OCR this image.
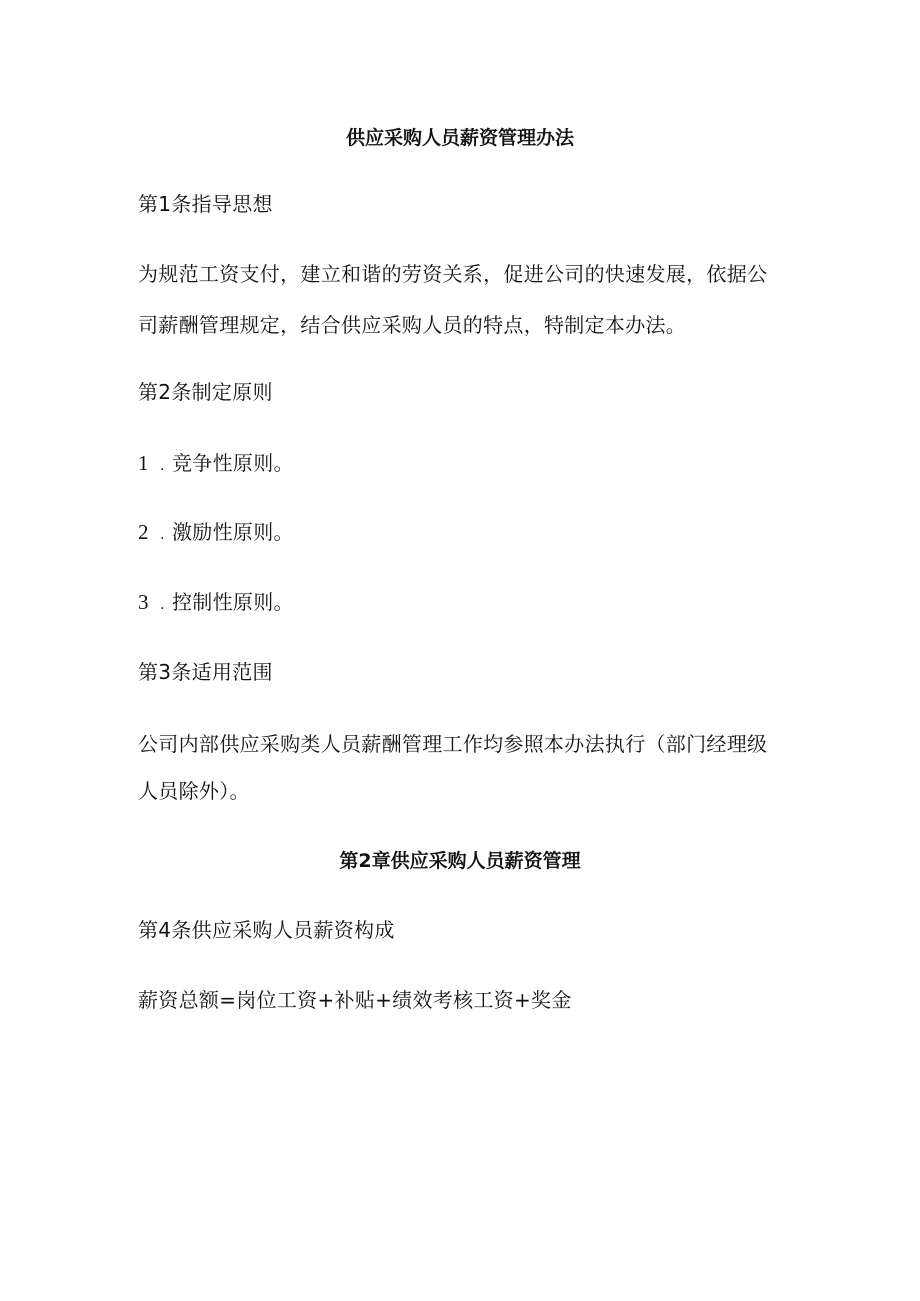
供应采购人员薪资管理办法
第1条指导思想
为规范工资支付，建立和谐的劳资关系，促进公司的快速发展，依据公
司薪酬管理规定，结合供应采购人员的特点，特制定本办法。
第2条制定原则
1 . 竞争性原则。
2 . 激励性原则。
3 . 控制性原则。
第3条适用范围
公司内部供应采购类人员薪酬管理工作均参照本办法执行（部门经理级
人员除外）。
第2章供应采购人员薪资管理
第4条供应采购人员薪资构成
薪资总额=岗位工资+补贴+绩效考核工资+奖金
